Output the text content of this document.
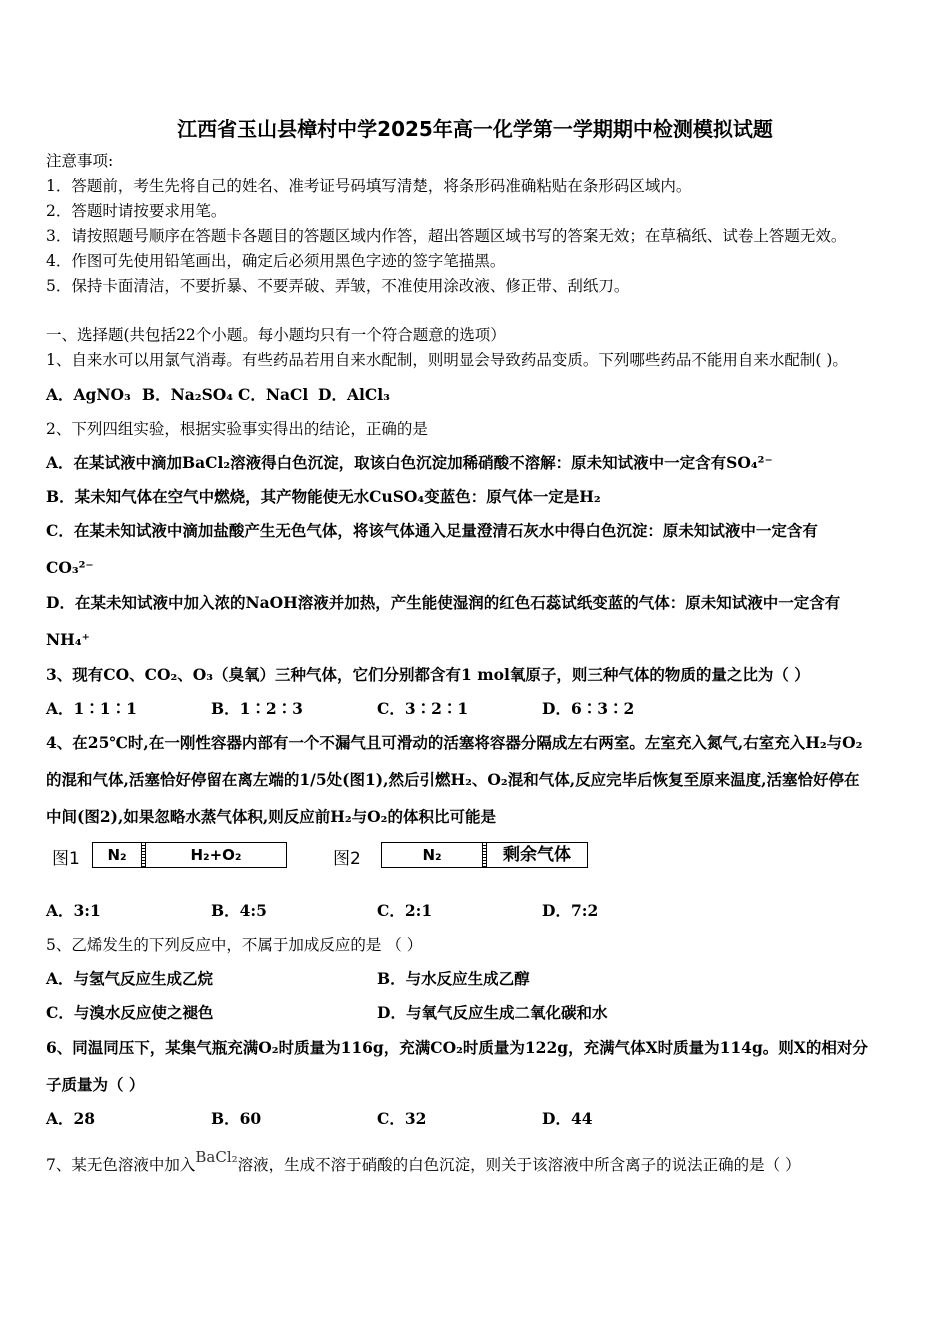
江西省玉山县樟村中学2025年高一化学第一学期期中检测模拟试题
注意事项:
1．答题前，考生先将自己的姓名、准考证号码填写清楚，将条形码准确粘贴在条形码区域内。
2．答题时请按要求用笔。
3．请按照题号顺序在答题卡各题目的答题区域内作答，超出答题区域书写的答案无效；在草稿纸、试卷上答题无效。
4．作图可先使用铅笔画出，确定后必须用黑色字迹的签字笔描黑。
5．保持卡面清洁，不要折暴、不要弄破、弄皱，不准使用涂改液、修正带、刮纸刀。
一、选择题(共包括22个小题。每小题均只有一个符合题意的选项）
1、自来水可以用氯气消毒。有些药品若用自来水配制，则明显会导致药品变质。下列哪些药品不能用自来水配制( )。
A．AgNO₃ B．Na₂SO₄ C．NaCl D．AlCl₃
2、下列四组实验，根据实验事实得出的结论，正确的是
A．在某试液中滴加BaCl₂溶液得白色沉淀，取该白色沉淀加稀硝酸不溶解：原未知试液中一定含有SO₄²⁻
B．某未知气体在空气中燃烧，其产物能使无水CuSO₄变蓝色：原气体一定是H₂
C．在某未知试液中滴加盐酸产生无色气体，将该气体通入足量澄清石灰水中得白色沉淀：原未知试液中一定含有
CO₃²⁻
D．在某未知试液中加入浓的NaOH溶液并加热，产生能使湿润的红色石蕊试纸变蓝的气体：原未知试液中一定含有
NH₄⁺
3、现有CO、CO₂、O₃（臭氧）三种气体，它们分别都含有1 mol氧原子，则三种气体的物质的量之比为（ ）
A．1∶1∶1	B．1∶2∶3	C．3∶2∶1	D．6∶3∶2
4、在25℃时,在一刚性容器内部有一个不漏气且可滑动的活塞将容器分隔成左右两室。左室充入氮气,右室充入H₂与O₂
的混和气体,活塞恰好停留在离左端的1/5处(图1),然后引燃H₂、O₂混和气体,反应完毕后恢复至原来温度,活塞恰好停在
中间(图2),如果忽略水蒸气体积,则反应前H₂与O₂的体积比可能是
图1	N₂	H₂+O₂	图2	N₂	剩余气体
A．3:1	B．4:5	C．2:1	D．7:2
5、乙烯发生的下列反应中，不属于加成反应的是 （ ）
A．与氢气反应生成乙烷	B．与水反应生成乙醇
C．与溴水反应使之褪色	D．与氧气反应生成二氧化碳和水
6、同温同压下，某集气瓶充满O₂时质量为116g，充满CO₂时质量为122g，充满气体X时质量为114g。则X的相对分
子质量为（ ）
A．28	B．60	C．32	D．44
7、某无色溶液中加入BaCl₂溶液，生成不溶于硝酸的白色沉淀，则关于该溶液中所含离子的说法正确的是（ ）
